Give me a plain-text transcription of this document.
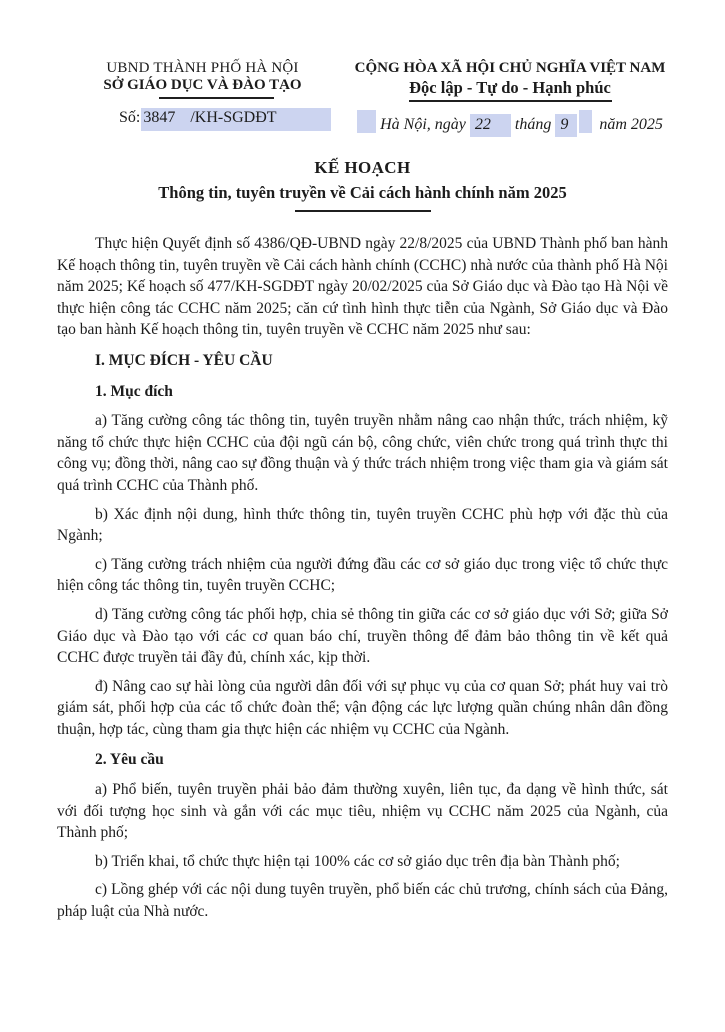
UBND THÀNH PHỐ HÀ NỘI
SỞ GIÁO DỤC VÀ ĐÀO TẠO
Số: 3847 /KH-SGDĐT
CỘNG HÒA XÃ HỘI CHỦ NGHĨA VIỆT NAM
Độc lập - Tự do - Hạnh phúc
Hà Nội, ngày 22 tháng 9 năm 2025
KẾ HOẠCH
Thông tin, tuyên truyền về Cải cách hành chính năm 2025

Thực hiện Quyết định số 4386/QĐ-UBND ngày 22/8/2025 của UBND Thành phố ban hành Kế hoạch thông tin, tuyên truyền về Cải cách hành chính (CCHC) nhà nước của thành phố Hà Nội năm 2025; Kế hoạch số 477/KH-SGDĐT ngày 20/02/2025 của Sở Giáo dục và Đào tạo Hà Nội về thực hiện công tác CCHC năm 2025; căn cứ tình hình thực tiễn của Ngành, Sở Giáo dục và Đào tạo ban hành Kế hoạch thông tin, tuyên truyền về CCHC năm 2025 như sau:

I. MỤC ĐÍCH - YÊU CẦU
1. Mục đích

a) Tăng cường công tác thông tin, tuyên truyền nhằm nâng cao nhận thức, trách nhiệm, kỹ năng tổ chức thực hiện CCHC của đội ngũ cán bộ, công chức, viên chức trong quá trình thực thi công vụ; đồng thời, nâng cao sự đồng thuận và ý thức trách nhiệm trong việc tham gia và giám sát quá trình CCHC của Thành phố.

b) Xác định nội dung, hình thức thông tin, tuyên truyền CCHC phù hợp với đặc thù của Ngành;

c) Tăng cường trách nhiệm của người đứng đầu các cơ sở giáo dục trong việc tổ chức thực hiện công tác thông tin, tuyên truyền CCHC;

d) Tăng cường công tác phối hợp, chia sẻ thông tin giữa các cơ sở giáo dục với Sở; giữa Sở Giáo dục và Đào tạo với các cơ quan báo chí, truyền thông để đảm bảo thông tin về kết quả CCHC được truyền tải đầy đủ, chính xác, kịp thời.

đ) Nâng cao sự hài lòng của người dân đối với sự phục vụ của cơ quan Sở; phát huy vai trò giám sát, phối hợp của các tổ chức đoàn thể; vận động các lực lượng quần chúng nhân dân đồng thuận, hợp tác, cùng tham gia thực hiện các nhiệm vụ CCHC của Ngành.

2. Yêu cầu

a) Phổ biến, tuyên truyền phải bảo đảm thường xuyên, liên tục, đa dạng về hình thức, sát với đối tượng học sinh và gắn với các mục tiêu, nhiệm vụ CCHC năm 2025 của Ngành, của Thành phố;

b) Triển khai, tổ chức thực hiện tại 100% các cơ sở giáo dục trên địa bàn Thành phố;

c) Lồng ghép với các nội dung tuyên truyền, phổ biến các chủ trương, chính sách của Đảng, pháp luật của Nhà nước.
